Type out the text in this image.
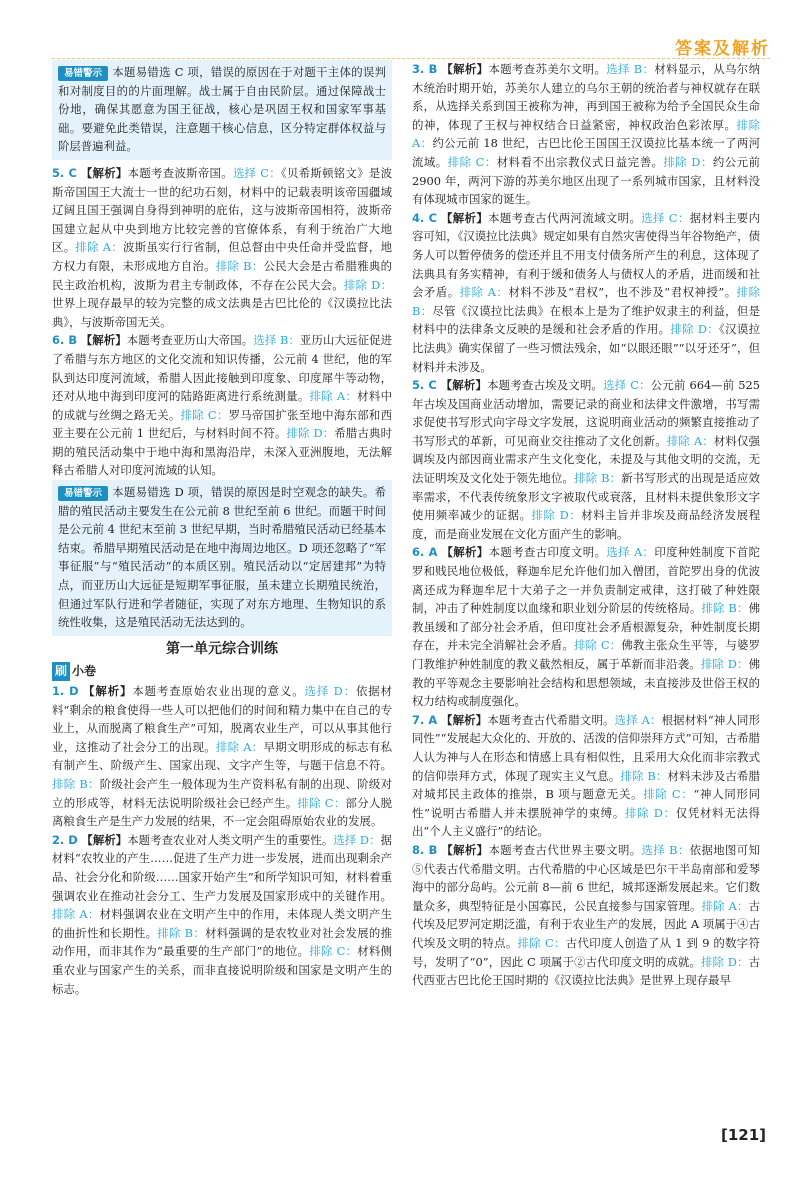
答案及解析
易错警示 本题易错选 C 项，错误的原因在于对题干主体的误判和对制度目的的片面理解。战士属于自由民阶层。通过保障战士份地，确保其愿意为国王征战，核心是巩固王权和国家军事基础。要避免此类错误，注意题干核心信息，区分特定群体权益与阶层普遍利益。

5. C 【解析】本题考查波斯帝国。选择 C：《贝希斯顿铭文》是波斯帝国国王大流士一世的纪功石刻，材料中的记载表明该帝国疆域辽阔且国王强调自身得到神明的庇佑，这与波斯帝国相符，波斯帝国建立起从中央到地方比较完善的官僚体系，有利于统治广大地区。排除 A：波斯虽实行行省制，但总督由中央任命并受监督，地方权力有限，未形成地方自治。排除 B：公民大会是古希腊雅典的民主政治机构，波斯为君主专制政体，不存在公民大会。排除 D：世界上现存最早的较为完整的成文法典是古巴比伦的《汉谟拉比法典》，与波斯帝国无关。

6. B 【解析】本题考查亚历山大帝国。选择 B：亚历山大远征促进了希腊与东方地区的文化交流和知识传播，公元前 4 世纪，他的军队到达印度河流域，希腊人因此接触到印度象、印度犀牛等动物，还对从地中海到印度河的陆路距离进行系统测量。排除 A：材料中的成就与丝绸之路无关。排除 C：罗马帝国扩张至地中海东部和西亚主要在公元前 1 世纪后，与材料时间不符。排除 D：希腊古典时期的殖民活动集中于地中海和黑海沿岸，未深入亚洲腹地，无法解释古希腊人对印度河流域的认知。

易错警示 本题易错选 D 项，错误的原因是时空观念的缺失。希腊的殖民活动主要发生在公元前 8 世纪至前 6 世纪。而题干时间是公元前 4 世纪末至前 3 世纪早期，当时希腊殖民活动已经基本结束。希腊早期殖民活动是在地中海周边地区。D 项还忽略了“军事征服”与“殖民活动”的本质区别。殖民活动以“定居建邦”为特点，而亚历山大远征是短期军事征服，虽未建立长期殖民统治，但通过军队行进和学者随征，实现了对东方地理、生物知识的系统性收集，这是殖民活动无法达到的。
第一单元综合训练
刷 小卷

1. D 【解析】本题考查原始农业出现的意义。选择 D：依据材料“剩余的粮食使得一些人可以把他们的时间和精力集中在自己的专业上，从而脱离了粮食生产”可知，脱离农业生产，可以从事其他行业，这推动了社会分工的出现。排除 A：早期文明形成的标志有私有制产生、阶级产生、国家出现、文字产生等，与题干信息不符。排除 B：阶级社会产生一般体现为生产资料私有制的出现、阶级对立的形成等，材料无法说明阶级社会已经产生。排除 C：部分人脱离粮食生产是生产力发展的结果，不一定会阻碍原始农业的发展。

2. D 【解析】本题考查农业对人类文明产生的重要性。选择 D：据材料“农牧业的产生……促进了生产力进一步发展，进而出现剩余产品、社会分化和阶级……国家开始产生”和所学知识可知，材料着重强调农业在推动社会分工、生产力发展及国家形成中的关键作用。排除 A：材料强调农业在文明产生中的作用，未体现人类文明产生的曲折性和长期性。排除 B：材料强调的是农牧业对社会发展的推动作用，而非其作为“最重要的生产部门”的地位。排除 C：材料侧重农业与国家产生的关系，而非直接说明阶级和国家是文明产生的标志。

3. B 【解析】本题考查苏美尔文明。选择 B：材料显示，从乌尔纳木统治时期开始，苏美尔人建立的乌尔王朝的统治者与神权就存在联系，从选择关系到国王被称为神，再到国王被称为给予全国民众生命的神，体现了王权与神权结合日益紧密，神权政治色彩浓厚。排除 A：约公元前 18 世纪，古巴比伦王国国王汉谟拉比基本统一了两河流域。排除 C：材料看不出宗教仪式日益完善。排除 D：约公元前 2900 年，两河下游的苏美尔地区出现了一系列城市国家，且材料没有体现城市国家的诞生。

4. C 【解析】本题考查古代两河流域文明。选择 C：据材料主要内容可知，《汉谟拉比法典》规定如果有自然灾害使得当年谷物绝产，债务人可以暂停债务的偿还并且不用支付债务所产生的利息，这体现了法典具有务实精神，有利于缓和债务人与债权人的矛盾，进而缓和社会矛盾。排除 A：材料不涉及“君权”，也不涉及“君权神授”。排除 B：尽管《汉谟拉比法典》在根本上是为了维护奴隶主的利益，但是材料中的法律条文反映的是缓和社会矛盾的作用。排除 D：《汉谟拉比法典》确实保留了一些习惯法残余，如“以眼还眼”“以牙还牙”，但材料并未涉及。

5. C 【解析】本题考查古埃及文明。选择 C：公元前 664—前 525 年古埃及国商业活动增加，需要记录的商业和法律文件激增，书写需求促使书写形式向字母文字发展，这说明商业活动的频繁直接推动了书写形式的革新，可见商业交往推动了文化创新。排除 A：材料仅强调埃及内部因商业需求产生文化变化，未提及与其他文明的交流，无法证明埃及文化处于领先地位。排除 B：新书写形式的出现是适应效率需求，不代表传统象形文字被取代或衰落，且材料未提供象形文字使用频率减少的证据。排除 D：材料主旨并非埃及商品经济发展程度，而是商业发展在文化方面产生的影响。

6. A 【解析】本题考查古印度文明。选择 A：印度种姓制度下首陀罗和贱民地位极低，释迦牟尼允许他们加入僧团，首陀罗出身的优波离还成为释迦牟尼十大弟子之一并负责制定戒律，这打破了种姓限制，冲击了种姓制度以血缘和职业划分阶层的传统格局。排除 B：佛教虽缓和了部分社会矛盾，但印度社会矛盾根源复杂，种姓制度长期存在，并未完全消解社会矛盾。排除 C：佛教主张众生平等，与婆罗门教维护种姓制度的教义截然相反，属于革新而非沿袭。排除 D：佛教的平等观念主要影响社会结构和思想领域，未直接涉及世俗王权的权力结构或制度强化。

7. A 【解析】本题考查古代希腊文明。选择 A：根据材料“神人同形同性”“发展起大众化的、开放的、活泼的信仰崇拜方式”可知，古希腊人认为神与人在形态和情感上具有相似性，且采用大众化而非宗教式的信仰崇拜方式，体现了现实主义气息。排除 B：材料未涉及古希腊对城邦民主政体的推崇，B 项与题意无关。排除 C：“神人同形同性”说明古希腊人并未摆脱神学的束缚。排除 D：仅凭材料无法得出“个人主义盛行”的结论。

8. B 【解析】本题考查古代世界主要文明。选择 B：依据地图可知⑤代表古代希腊文明。古代希腊的中心区域是巴尔干半岛南部和爱琴海中的部分岛屿。公元前 8—前 6 世纪，城邦逐渐发展起来。它们数量众多，典型特征是小国寡民，公民直接参与国家管理。排除 A：古代埃及尼罗河定期泛滥，有利于农业生产的发展，因此 A 项属于④古代埃及文明的特点。排除 C：古代印度人创造了从 1 到 9 的数字符号，发明了“0”，因此 C 项属于②古代印度文明的成就。排除 D：古代西亚古巴比伦王国时期的《汉谟拉比法典》是世界上现存最早

[121]
